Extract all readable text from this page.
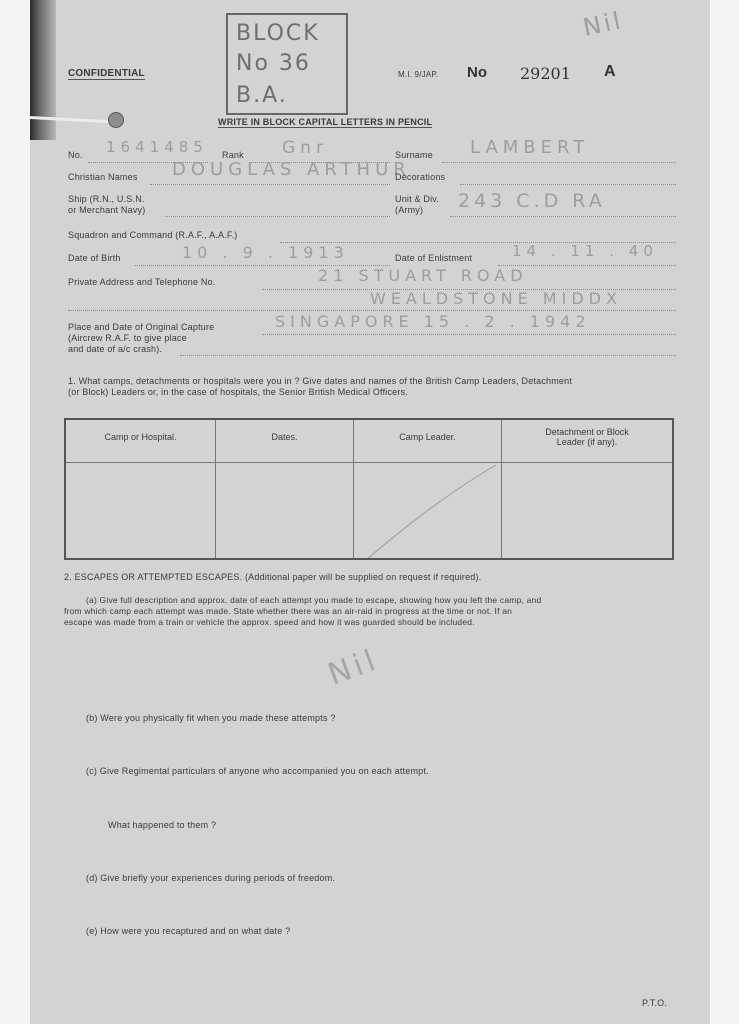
CONFIDENTIAL
BLOCK
No 36
B.A.
M.I. 9/JAP. No 29201 A
Nil
WRITE IN BLOCK CAPITAL LETTERS IN PENCIL
No. 1641485 Rank Gnr	Surname LAMBERT
Christian Names DOUGLAS ARTHUR
Decorations
Ship (R.N., U.S.N.
or Merchant Navy)
Unit & Div.
(Army) 243 C.D RA
Squadron and Command (R.A.F., A.A.F.)
Date of Birth	10 . 9 . 1913	Date of Enlistment	14 . 11 . 40
Private Address and Telephone No.	21 STUART ROAD
WEALDSTONE MIDDX
Place and Date of Original Capture
(Aircrew R.A.F. to give place
and date of a/c crash).
SINGAPORE 15 . 2 . 1942
1. What camps, detachments or hospitals were you in ? Give dates and names of the British Camp Leaders, Detachment
(or Block) Leaders or, in the case of hospitals, the Senior British Medical Officers.
Camp or Hospital.	Dates.	Camp Leader.	Detachment or Block
Leader (if any).
2. ESCAPES OR ATTEMPTED ESCAPES. (Additional paper will be supplied on request if required).
(a) Give full description and approx. date of each attempt you made to escape, showing how you left the camp, and
from which camp each attempt was made. State whether there was an air-raid in progress at the time or not. If an
escape was made from a train or vehicle the approx. speed and how it was guarded should be included.
Nil
(b) Were you physically fit when you made these attempts ?
(c) Give Regimental particulars of anyone who accompanied you on each attempt.
What happened to them ?
(d) Give briefly your experiences during periods of freedom.
(e) How were you recaptured and on what date ?
P.T.O.
